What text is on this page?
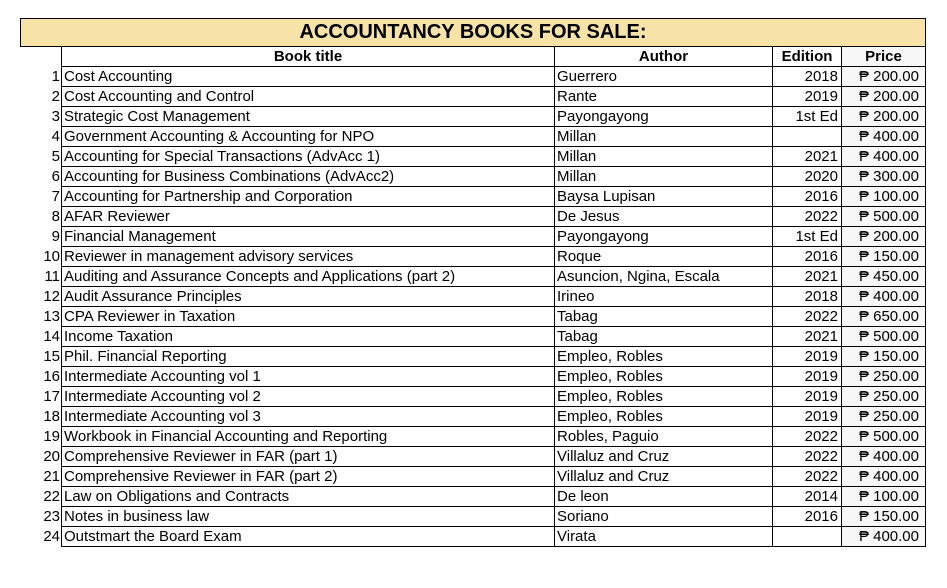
ACCOUNTANCY BOOKS FOR SALE:				
	Book title	Author	Edition	Price
1	Cost Accounting	Guerrero	2018	₱ 200.00
2	Cost Accounting and Control	Rante	2019	₱ 200.00
3	Strategic Cost Management	Payongayong	1st Ed	₱ 200.00
4	Government Accounting & Accounting for NPO	Millan		₱ 400.00
5	Accounting for Special Transactions (AdvAcc 1)	Millan	2021	₱ 400.00
6	Accounting for Business Combinations (AdvAcc2)	Millan	2020	₱ 300.00
7	Accounting for Partnership and Corporation	Baysa Lupisan	2016	₱ 100.00
8	AFAR Reviewer	De Jesus	2022	₱ 500.00
9	Financial Management	Payongayong	1st Ed	₱ 200.00
10	Reviewer in management advisory services	Roque	2016	₱ 150.00
11	Auditing and Assurance Concepts and Applications (part 2)	Asuncion, Ngina, Escala	2021	₱ 450.00
12	Audit Assurance Principles	Irineo	2018	₱ 400.00
13	CPA Reviewer in Taxation	Tabag	2022	₱ 650.00
14	Income Taxation	Tabag	2021	₱ 500.00
15	Phil. Financial Reporting	Empleo, Robles	2019	₱ 150.00
16	Intermediate Accounting vol 1	Empleo, Robles	2019	₱ 250.00
17	Intermediate Accounting vol 2	Empleo, Robles	2019	₱ 250.00
18	Intermediate Accounting vol 3	Empleo, Robles	2019	₱ 250.00
19	Workbook in Financial Accounting and Reporting	Robles, Paguio	2022	₱ 500.00
20	Comprehensive Reviewer in FAR (part 1)	Villaluz and Cruz	2022	₱ 400.00
21	Comprehensive Reviewer in FAR (part 2)	Villaluz and Cruz	2022	₱ 400.00
22	Law on Obligations and Contracts	De leon	2014	₱ 100.00
23	Notes in business law	Soriano	2016	₱ 150.00
24	Outstmart the Board Exam	Virata		₱ 400.00
